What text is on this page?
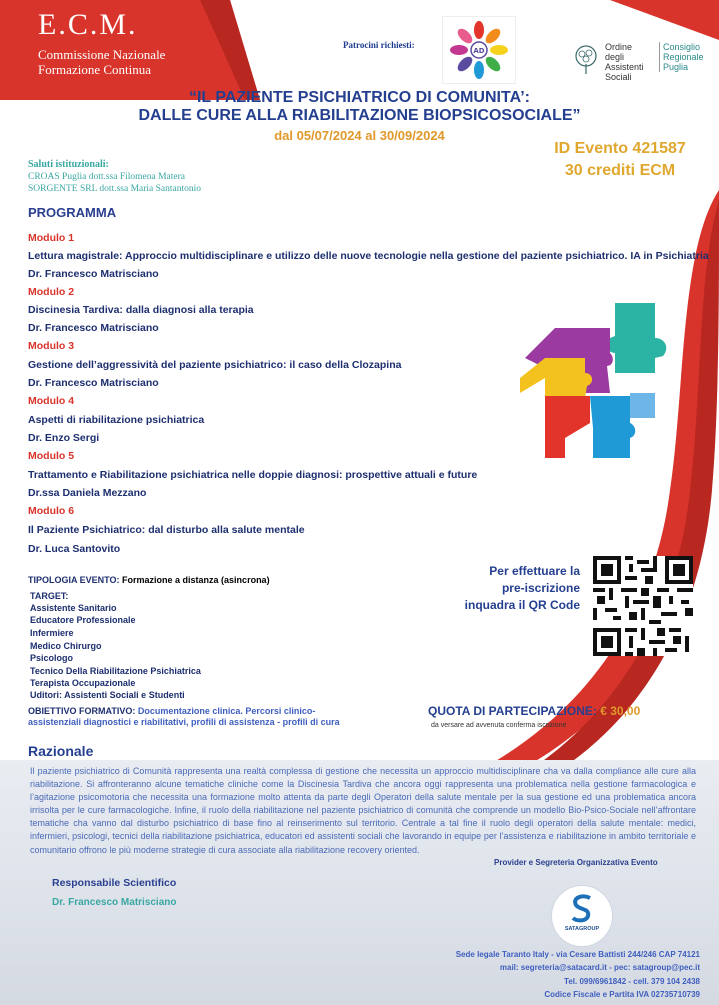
E.C.M.
Commissione Nazionale
Formazione Continua
Patrocini richiesti:
AD	Ordine degli Assistenti Sociali
Consiglio Regionale Puglia
“IL PAZIENTE PSICHIATRICO DI COMUNITA’:
DALLE CURE ALLA RIABILITAZIONE BIOPSICOSOCIALE”
dal 05/07/2024 al 30/09/2024
Saluti istituzionali:
CROAS Puglia dott.ssa Filomena Matera
SORGENTE SRL dott.ssa Maria Santantonio
ID Evento 421587
30 crediti ECM
PROGRAMMA
Modulo 1
Lettura magistrale: Approccio multidisciplinare e utilizzo delle nuove tecnologie nella gestione del paziente psichiatrico. IA in Psichiatria
Dr. Francesco Matrisciano
Modulo 2
Discinesia Tardiva: dalla diagnosi alla terapia
Dr. Francesco Matrisciano
Modulo 3
Gestione dell’aggressività del paziente psichiatrico: il caso della Clozapina
Dr. Francesco Matrisciano
Modulo 4
Aspetti di riabilitazione psichiatrica
Dr. Enzo Sergi
Modulo 5
Trattamento e Riabilitazione psichiatrica nelle doppie diagnosi: prospettive attuali e future
Dr.ssa Daniela Mezzano
Modulo 6
Il Paziente Psichiatrico: dal disturbo alla salute mentale
Dr. Luca Santovito
TIPOLOGIA EVENTO: Formazione a distanza (asincrona)
TARGET:
Assistente Sanitario
Educatore Professionale
Infermiere
Medico Chirurgo
Psicologo
Tecnico Della Riabilitazione Psichiatrica
Terapista Occupazionale
Uditori: Assistenti Sociali e Studenti
OBIETTIVO FORMATIVO: Documentazione clinica. Percorsi clinico-assistenziali diagnostici e riabilitativi, profili di assistenza - profili di cura
Per effettuare la
pre-iscrizione
inquadra il QR Code
QUOTA DI PARTECIPAZIONE: € 30,00
da versare ad avvenuta conferma iscrizione
Razionale
Il paziente psichiatrico di Comunità rappresenta una realtà complessa di gestione che necessita un approccio multidisciplinare cha va dalla compliance alle cure alla riabilitazione. Si affronteranno alcune tematiche cliniche come la Discinesia Tardiva che ancora oggi rappresenta una problematica nella gestione farmacologica e l’agitazione psicomotoria che necessita una formazione molto attenta da parte degli Operatori della salute mentale per la sua gestione ed una problematica ancora irrisolta per le cure farmacologiche. Infine, il ruolo della riabilitazione nel paziente psichiatrico di comunità che comprende un modello Bio-Psico-Sociale nell’affrontare tematiche cha vanno dal disturbo psichiatrico di base fino al reinserimento sul territorio. Centrale a tal fine il ruolo degli operatori della salute mentale: medici, infermieri, psicologi, tecnici della riabilitazione psichiatrica, educatori ed assistenti sociali che lavorando in equipe per l’assistenza e riabilitazione in ambito territoriale e comunitario offrono le più moderne strategie di cura associate alla riabilitazione recovery oriented.
Provider e Segreteria Organizzativa Evento
Responsabile Scientifico
Dr. Francesco Matrisciano
SATAGROUP
Sede legale Taranto Italy - via Cesare Battisti 244/246 CAP 74121
mail: segreteria@satacard.it - pec: satagroup@pec.it
Tel. 099/6961842 - cell. 379 104 2438
Codice Fiscale e Partita IVA 02735710739
